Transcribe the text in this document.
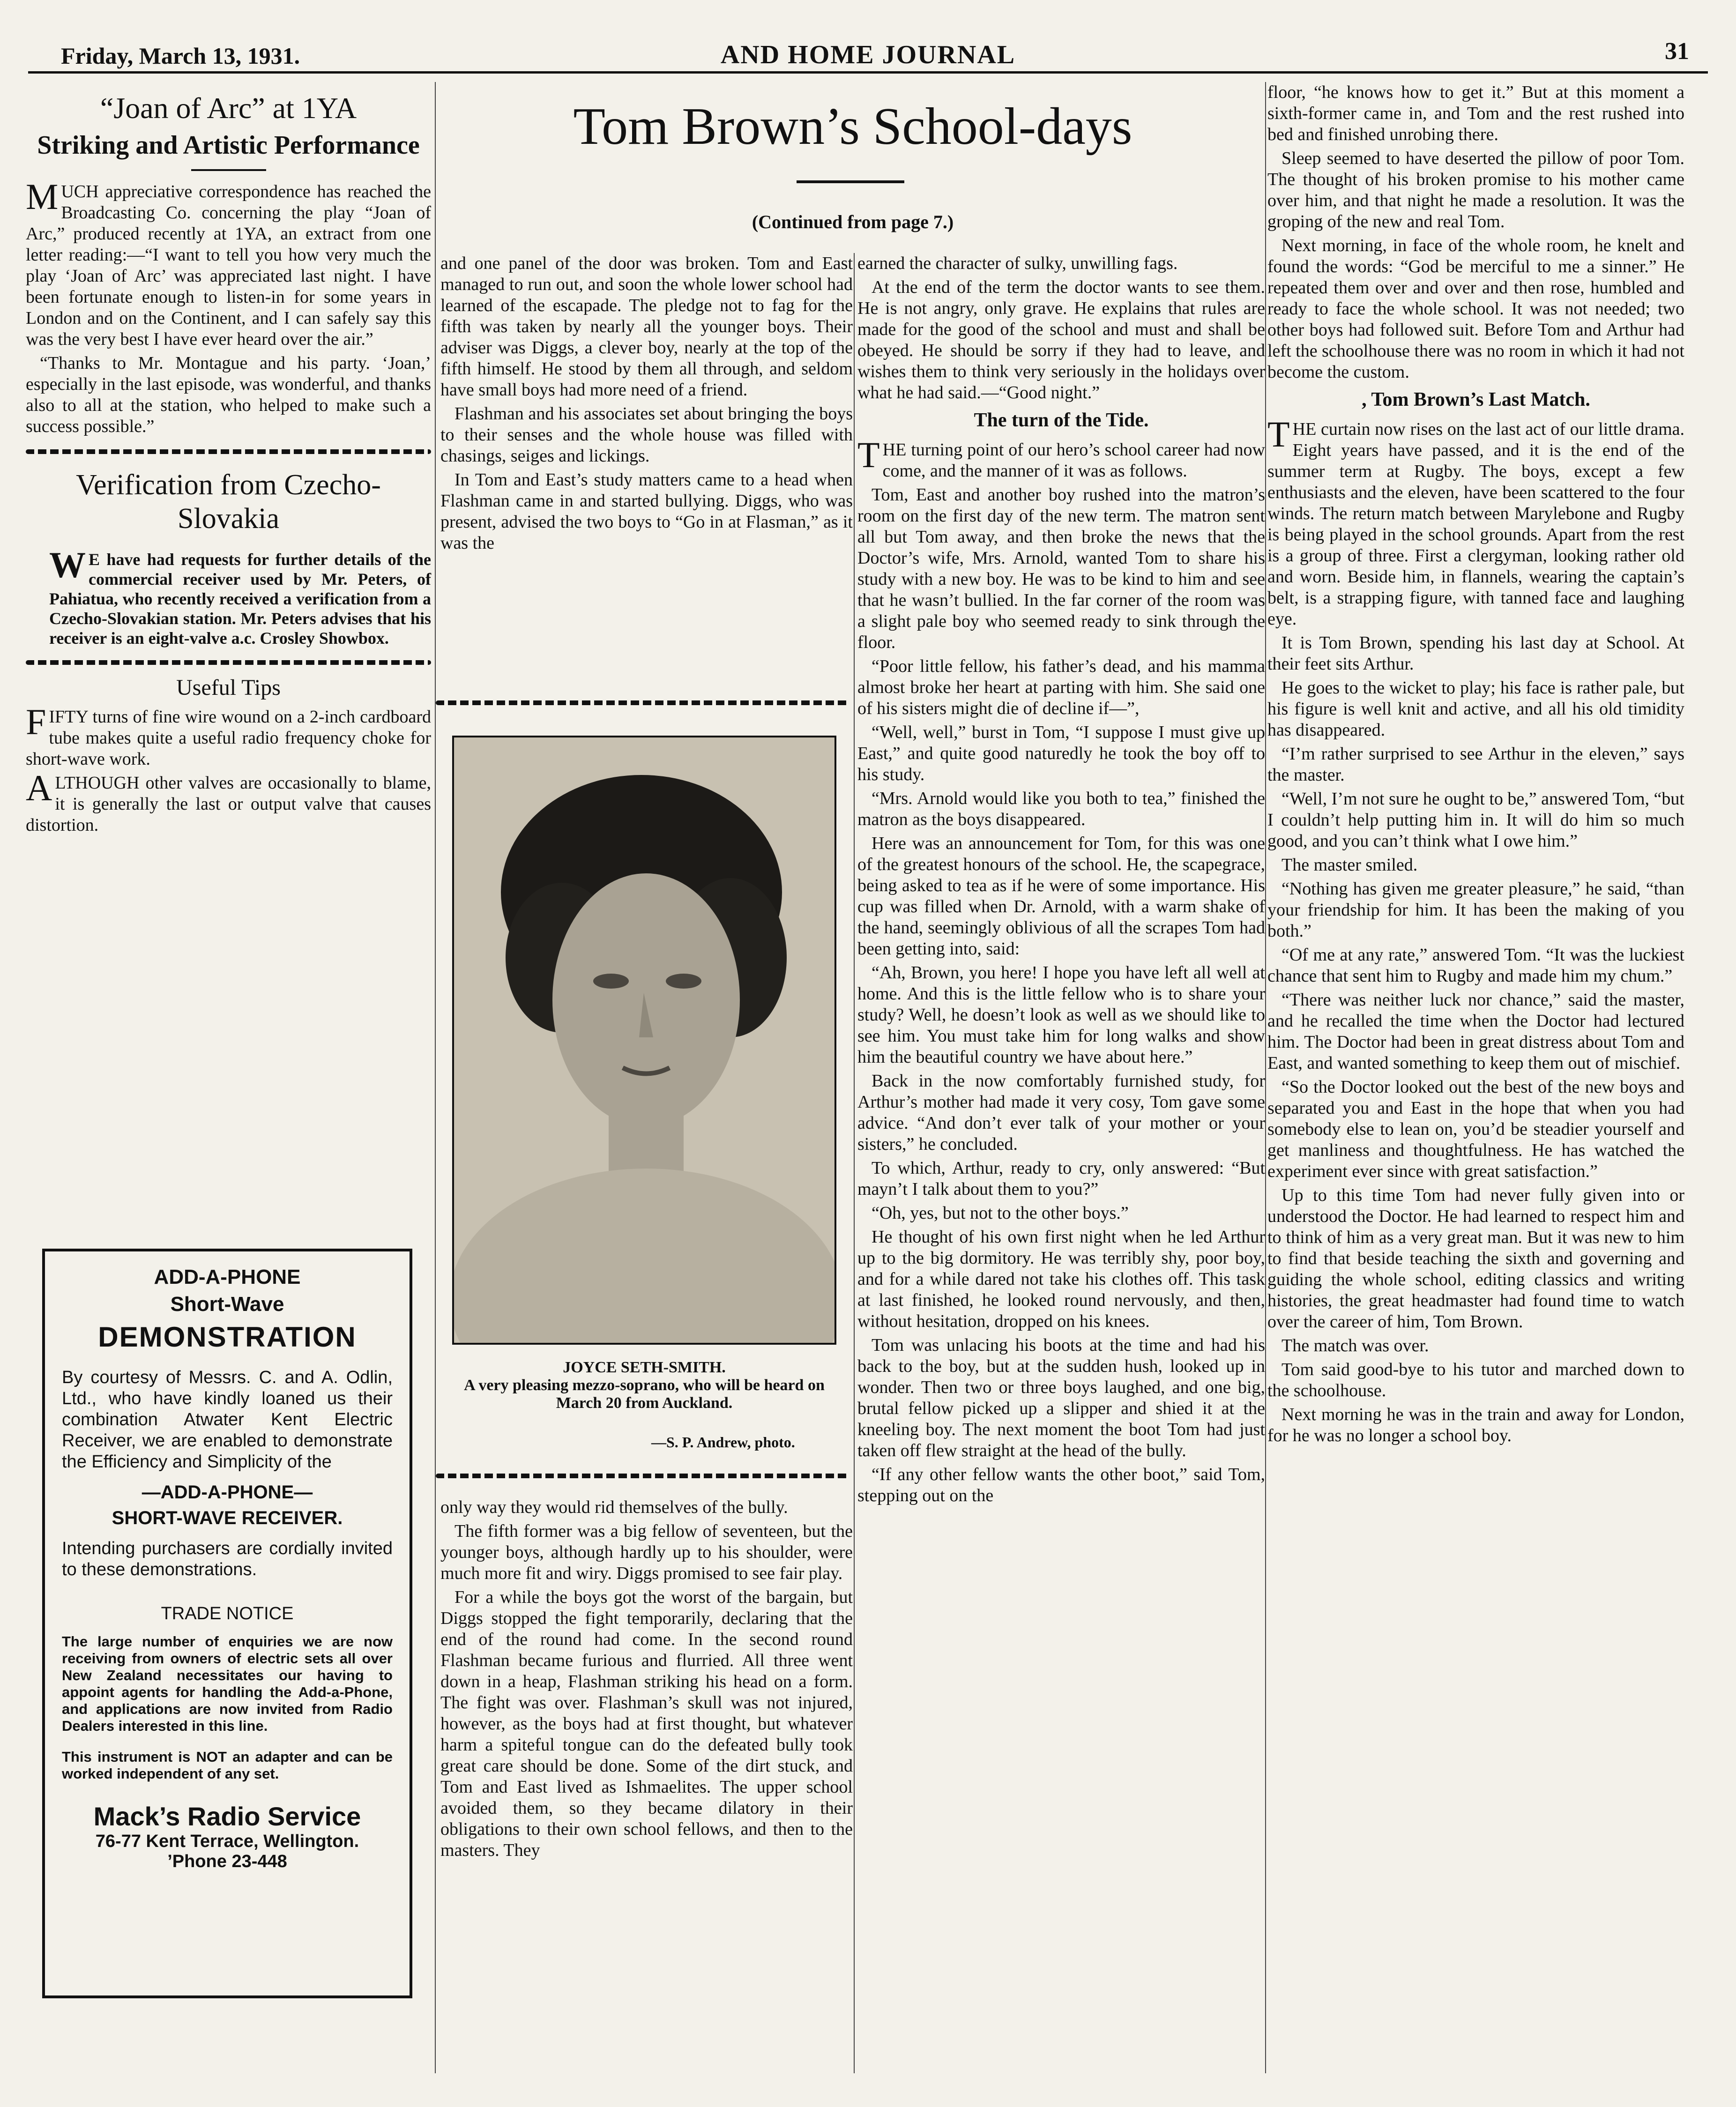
Friday, March 13, 1931.	AND HOME JOURNAL	31
“Joan of Arc” at 1YA
Striking and Artistic Performance

MUCH appreciative correspondence has reached the Broadcasting Co. concerning the play “Joan of Arc,” produced recently at 1YA, an extract from one letter reading:—“I want to tell you how very much the play ‘Joan of Arc’ was appreciated last night. I have been fortunate enough to listen-in for some years in London and on the Continent, and I can safely say this was the very best I have ever heard over the air.”

“Thanks to Mr. Montague and his party. ‘Joan,’ especially in the last episode, was wonderful, and thanks also to all at the station, who helped to make such a success possible.”

Verification from Czecho-Slovakia

W E have had requests for further details of the commercial receiver used by Mr. Peters, of Pahiatua, who recently received a verification from a Czecho-Slovakian station. Mr. Peters advises that his receiver is an eight-valve a.c. Crosley Showbox.

Useful Tips

FIFTY turns of fine wire wound on a 2-inch cardboard tube makes quite a useful radio frequency choke for short-wave work.

ALTHOUGH other valves are occasionally to blame, it is generally the last or output valve that causes distortion.

ADD-A-PHONE
Short-Wave
DEMONSTRATION
By courtesy of Messrs. C. and A. Odlin, Ltd., who have kindly loaned us their combination Atwater Kent Electric Receiver, we are enabled to demonstrate the Efficiency and Simplicity of the
—ADD-A-PHONE—
SHORT-WAVE RECEIVER.
Intending purchasers are cordially invited to these demonstrations.
TRADE NOTICE
The large number of enquiries we are now receiving from owners of electric sets all over New Zealand necessitates our having to appoint agents for handling the Add-a-Phone, and applications are now invited from Radio Dealers interested in this line.
This instrument is NOT an adapter and can be worked independent of any set.
Mack’s Radio Service
76-77 Kent Terrace, Wellington.
’Phone 23-448
Tom Brown’s School-days
(Continued from page 7.)

and one panel of the door was broken. Tom and East managed to run out, and soon the whole lower school had learned of the escapade. The pledge not to fag for the fifth was taken by nearly all the younger boys. Their adviser was Diggs, a clever boy, nearly at the top of the fifth himself. He stood by them all through, and seldom have small boys had more need of a friend.

Flashman and his associates set about bringing the boys to their senses and the whole house was filled with chasings, seiges and lickings.

In Tom and East’s study matters came to a head when Flashman came in and started bullying. Diggs, who was present, advised the two boys to “Go in at Flasman,” as it was the

JOYCE SETH-SMITH.
A very pleasing mezzo-soprano, who will be heard on March 20 from Auckland.
—S. P. Andrew, photo.

only way they would rid themselves of the bully.

The fifth former was a big fellow of seventeen, but the younger boys, although hardly up to his shoulder, were much more fit and wiry. Diggs promised to see fair play.

For a while the boys got the worst of the bargain, but Diggs stopped the fight temporarily, declaring that the end of the round had come. In the second round Flashman became furious and flurried. All three went down in a heap, Flashman striking his head on a form. The fight was over. Flashman’s skull was not injured, however, as the boys had at first thought, but whatever harm a spiteful tongue can do the defeated bully took great care should be done. Some of the dirt stuck, and Tom and East lived as Ishmaelites. The upper school avoided them, so they became dilatory in their obligations to their own school fellows, and then to the masters. They

earned the character of sulky, unwilling fags.

At the end of the term the doctor wants to see them. He is not angry, only grave. He explains that rules are made for the good of the school and must and shall be obeyed. He should be sorry if they had to leave, and wishes them to think very seriously in the holidays over what he had said.—“Good night.”

The turn of the Tide.

THE turning point of our hero’s school career had now come, and the manner of it was as follows.

Tom, East and another boy rushed into the matron’s room on the first day of the new term. The matron sent all but Tom away, and then broke the news that the Doctor’s wife, Mrs. Arnold, wanted Tom to share his study with a new boy. He was to be kind to him and see that he wasn’t bullied. In the far corner of the room was a slight pale boy who seemed ready to sink through the floor.

“Poor little fellow, his father’s dead, and his mamma almost broke her heart at parting with him. She said one of his sisters might die of decline if—”,

“Well, well,” burst in Tom, “I suppose I must give up East,” and quite good naturedly he took the boy off to his study.

“Mrs. Arnold would like you both to tea,” finished the matron as the boys disappeared.

Here was an announcement for Tom, for this was one of the greatest honours of the school. He, the scapegrace, being asked to tea as if he were of some importance. His cup was filled when Dr. Arnold, with a warm shake of the hand, seemingly oblivious of all the scrapes Tom had been getting into, said:

“Ah, Brown, you here! I hope you have left all well at home. And this is the little fellow who is to share your study? Well, he doesn’t look as well as we should like to see him. You must take him for long walks and show him the beautiful country we have about here.”

Back in the now comfortably furnished study, for Arthur’s mother had made it very cosy, Tom gave some advice. “And don’t ever talk of your mother or your sisters,” he concluded.

To which, Arthur, ready to cry, only answered: “But mayn’t I talk about them to you?”

“Oh, yes, but not to the other boys.”

He thought of his own first night when he led Arthur up to the big dormitory. He was terribly shy, poor boy, and for a while dared not take his clothes off. This task at last finished, he looked round nervously, and then, without hesitation, dropped on his knees.

Tom was unlacing his boots at the time and had his back to the boy, but at the sudden hush, looked up in wonder. Then two or three boys laughed, and one big, brutal fellow picked up a slipper and shied it at the kneeling boy. The next moment the boot Tom had just taken off flew straight at the head of the bully.

“If any other fellow wants the other boot,” said Tom, stepping out on the

floor, “he knows how to get it.” But at this moment a sixth-former came in, and Tom and the rest rushed into bed and finished unrobing there.

Sleep seemed to have deserted the pillow of poor Tom. The thought of his broken promise to his mother came over him, and that night he made a resolution. It was the groping of the new and real Tom.

Next morning, in face of the whole room, he knelt and found the words: “God be merciful to me a sinner.” He repeated them over and over and then rose, humbled and ready to face the whole school. It was not needed; two other boys had followed suit. Before Tom and Arthur had left the schoolhouse there was no room in which it had not become the custom.

, Tom Brown’s Last Match.

THE curtain now rises on the last act of our little drama. Eight years have passed, and it is the end of the summer term at Rugby. The boys, except a few enthusiasts and the eleven, have been scattered to the four winds. The return match between Marylebone and Rugby is being played in the school grounds. Apart from the rest is a group of three. First a clergyman, looking rather old and worn. Beside him, in flannels, wearing the captain’s belt, is a strapping figure, with tanned face and laughing eye.

It is Tom Brown, spending his last day at School. At their feet sits Arthur.

He goes to the wicket to play; his face is rather pale, but his figure is well knit and active, and all his old timidity has disappeared.

“I’m rather surprised to see Arthur in the eleven,” says the master.

“Well, I’m not sure he ought to be,” answered Tom, “but I couldn’t help putting him in. It will do him so much good, and you can’t think what I owe him.”

The master smiled.

“Nothing has given me greater pleasure,” he said, “than your friendship for him. It has been the making of you both.”

“Of me at any rate,” answered Tom. “It was the luckiest chance that sent him to Rugby and made him my chum.”

“There was neither luck nor chance,” said the master, and he recalled the time when the Doctor had lectured him. The Doctor had been in great distress about Tom and East, and wanted something to keep them out of mischief.

“So the Doctor looked out the best of the new boys and separated you and East in the hope that when you had somebody else to lean on, you’d be steadier yourself and get manliness and thoughtfulness. He has watched the experiment ever since with great satisfaction.”

Up to this time Tom had never fully given into or understood the Doctor. He had learned to respect him and to think of him as a very great man. But it was new to him to find that beside teaching the sixth and governing and guiding the whole school, editing classics and writing histories, the great headmaster had found time to watch over the career of him, Tom Brown.

The match was over.

Tom said good-bye to his tutor and marched down to the schoolhouse.

Next morning he was in the train and away for London, for he was no longer a school boy.
